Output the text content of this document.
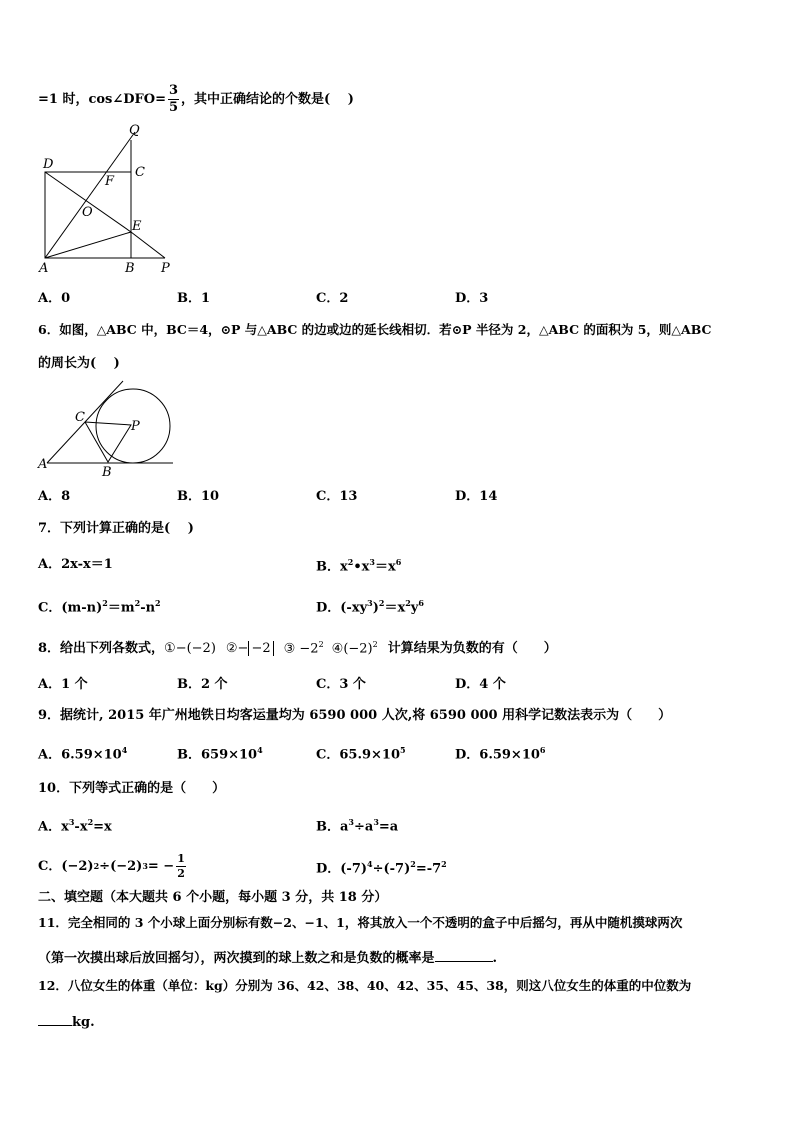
=1 时，cos∠DFO= $\frac{3}{5}$ ，其中正确结论的个数是(　 )
Q
D
C
F
O
E
A	B P
A．0	B．1	C．2	D．3
6．如图，△ABC 中，BC＝4，⊙P 与△ABC 的边或边的延长线相切．若⊙P 半径为 2，△ABC 的面积为 5，则△ABC
的周长为(　 )
C
P
A
B
A．8	B．10	C．13	D．14
7．下列计算正确的是(　 )
A．2x-x＝1	B．$x^2•x^3=x^6$
C．$(m-n)^2=m^2-n^2$	D．$(-xy^3)^2=x^2y^6$
8．给出下列各数式， ①−(−2) ②− −2 ③ $-2^2$ $④(-2)^2$ 计算结果为负数的有（　　）
A．1 个	B．2 个	C．3 个	D．4 个
9．据统计, 2015 年广州地铁日均客运量均为 6590 000 人次,将 6590 000 用科学记数法表示为（　　）
A．$6.59\times 10^4$	B．$659\times 10^4$	C．$65.9\times 10^5$	D．$6.59\times 10^6$
10．下列等式正确的是（　　）
A．$x^3-x^2=x$	B．$a^3\div a^3=a$
C．(−2) 2 ÷(−2) 3 = − $\frac{1}{2}$	D．$(-7)^4\div(-7)^2=-7^2$
二、填空题（本大题共 6 个小题，每小题 3 分，共 18 分）
11．完全相同的 3 个小球上面分别标有数−2、−1、1，将其放入一个不透明的盒子中后摇匀，再从中随机摸球两次
（第一次摸出球后放回摇匀），两次摸到的球上数之和是负数的概率是	.
12．八位女生的体重（单位：kg）分别为 36、42、38、40、42、35、45、38，则这八位女生的体重的中位数为
kg.
